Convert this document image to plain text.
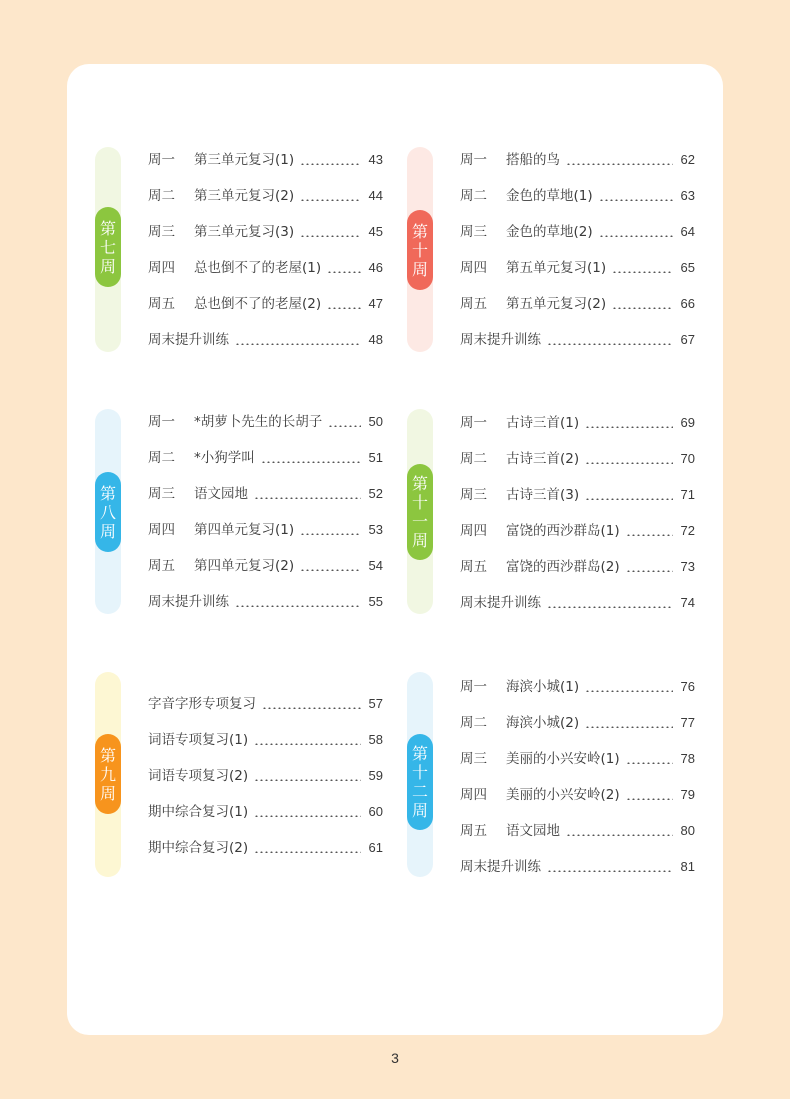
第
七
周
周一	第三单元复习(1)	43
周二	第三单元复习(2)	44
周三	第三单元复习(3)	45
周四	总也倒不了的老屋(1)	46
周五	总也倒不了的老屋(2)	47
周末提升训练	48
第
十
周
周一	搭船的鸟	62
周二	金色的草地(1)	63
周三	金色的草地(2)	64
周四	第五单元复习(1)	65
周五	第五单元复习(2)	66
周末提升训练	67
第
八
周
周一	*胡萝卜先生的长胡子	50
周二	*小狗学叫	51
周三	语文园地	52
周四	第四单元复习(1)	53
周五	第四单元复习(2)	54
周末提升训练	55
第
十
一
周
周一	古诗三首(1)	69
周二	古诗三首(2)	70
周三	古诗三首(3)	71
周四	富饶的西沙群岛(1)	72
周五	富饶的西沙群岛(2)	73
周末提升训练	74
第
九
周
字音字形专项复习	57
词语专项复习(1)	58
词语专项复习(2)	59
期中综合复习(1)	60
期中综合复习(2)	61
第
十
二
周
周一	海滨小城(1)	76
周二	海滨小城(2)	77
周三	美丽的小兴安岭(1)	78
周四	美丽的小兴安岭(2)	79
周五	语文园地	80
周末提升训练	81
3
